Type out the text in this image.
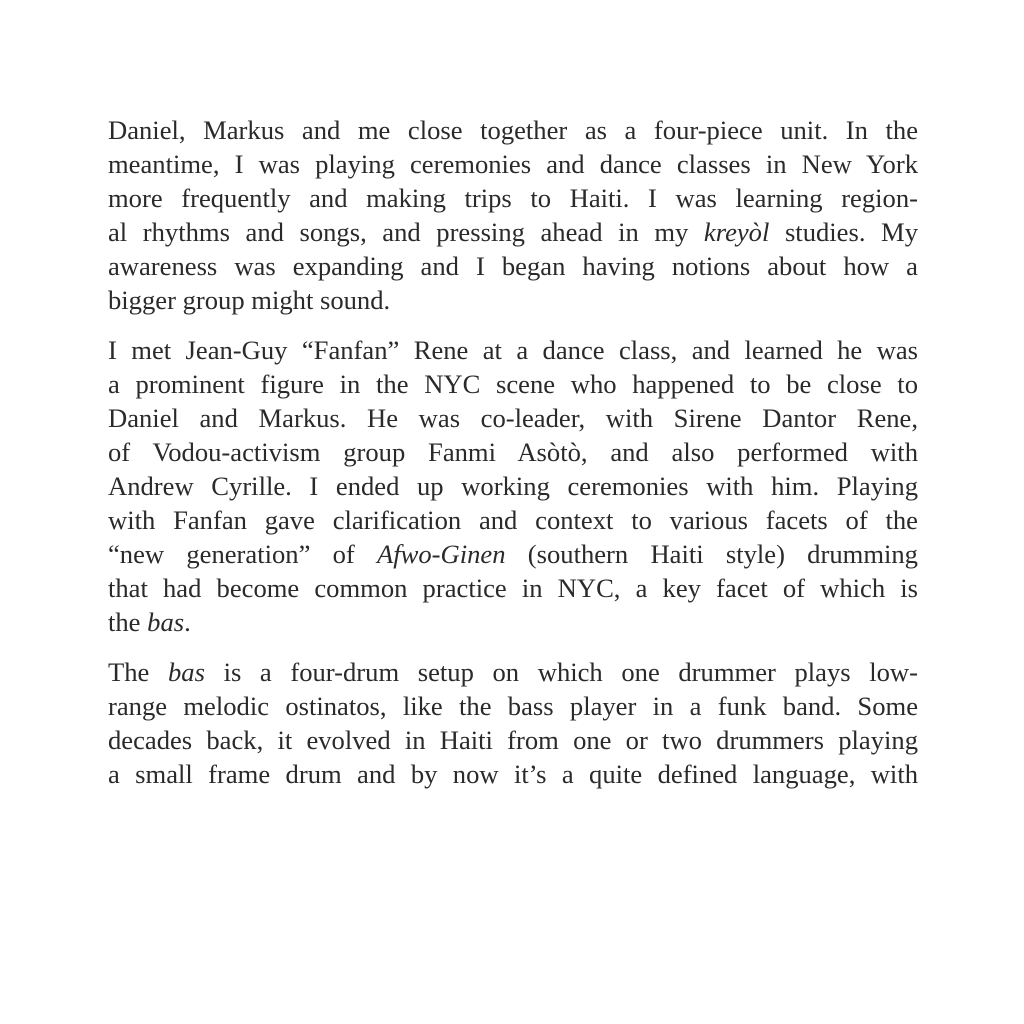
Daniel, Markus and me close together as a four-piece unit. In the
meantime, I was playing ceremonies and dance classes in New York
more frequently and making trips to Haiti. I was learning region-
al rhythms and songs, and pressing ahead in my kreyòl studies. My
awareness was expanding and I began having notions about how a
bigger group might sound.
I met Jean-Guy “Fanfan” Rene at a dance class, and learned he was
a prominent figure in the NYC scene who happened to be close to
Daniel and Markus. He was co-leader, with Sirene Dantor Rene,
of Vodou-activism group Fanmi Asòtò, and also performed with
Andrew Cyrille. I ended up working ceremonies with him. Playing
with Fanfan gave clarification and context to various facets of the
“new generation” of Afwo-Ginen (southern Haiti style) drumming
that had become common practice in NYC, a key facet of which is
the bas.
The bas is a four-drum setup on which one drummer plays low-
range melodic ostinatos, like the bass player in a funk band. Some
decades back, it evolved in Haiti from one or two drummers playing
a small frame drum and by now it’s a quite defined language, with
